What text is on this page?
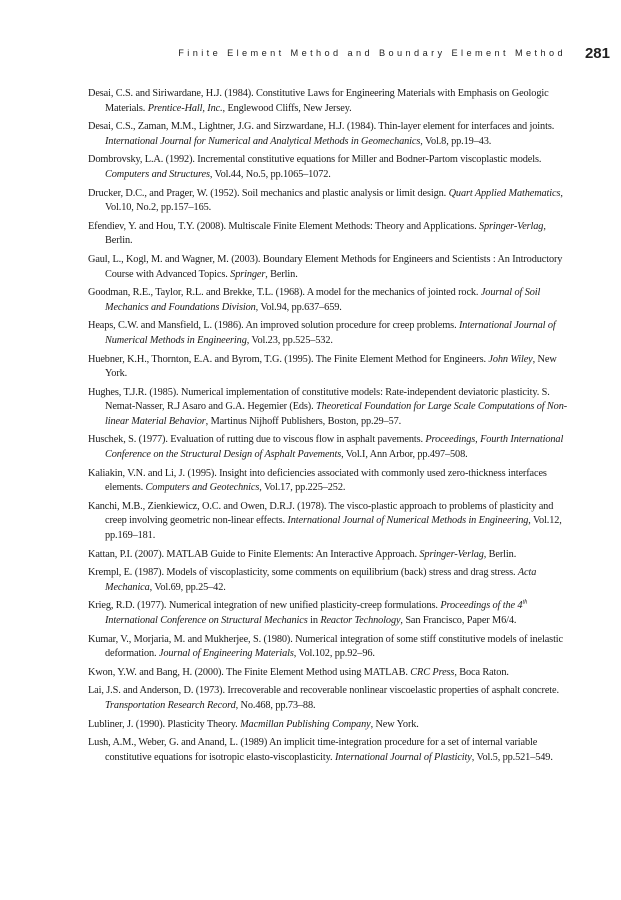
Finite Element Method and Boundary Element Method 281

Desai, C.S. and Siriwardane, H.J. (1984). Constitutive Laws for Engineering Materials with Emphasis on Geologic Materials. Prentice-Hall, Inc., Englewood Cliffs, New Jersey.

Desai, C.S., Zaman, M.M., Lightner, J.G. and Sirzwardane, H.J. (1984). Thin-layer element for interfaces and joints. International Journal for Numerical and Analytical Methods in Geomechanics, Vol.8, pp.19–43.

Dombrovsky, L.A. (1992). Incremental constitutive equations for Miller and Bodner-Partom viscoplastic models. Computers and Structures, Vol.44, No.5, pp.1065–1072.

Drucker, D.C., and Prager, W. (1952). Soil mechanics and plastic analysis or limit design. Quart Applied Mathematics, Vol.10, No.2, pp.157–165.

Efendiev, Y. and Hou, T.Y. (2008). Multiscale Finite Element Methods: Theory and Applications. Springer-Verlag, Berlin.

Gaul, L., Kogl, M. and Wagner, M. (2003). Boundary Element Methods for Engineers and Scientists : An Introductory Course with Advanced Topics. Springer, Berlin.

Goodman, R.E., Taylor, R.L. and Brekke, T.L. (1968). A model for the mechanics of jointed rock. Journal of Soil Mechanics and Foundations Division, Vol.94, pp.637–659.

Heaps, C.W. and Mansfield, L. (1986). An improved solution procedure for creep problems. International Journal of Numerical Methods in Engineering, Vol.23, pp.525–532.

Huebner, K.H., Thornton, E.A. and Byrom, T.G. (1995). The Finite Element Method for Engineers. John Wiley, New York.

Hughes, T.J.R. (1985). Numerical implementation of constitutive models: Rate-independent deviatoric plasticity. S. Nemat-Nasser, R.J Asaro and G.A. Hegemier (Eds). Theoretical Foundation for Large Scale Computations of Non-linear Material Behavior, Martinus Nijhoff Publishers, Boston, pp.29–57.

Huschek, S. (1977). Evaluation of rutting due to viscous flow in asphalt pavements. Proceedings, Fourth International Conference on the Structural Design of Asphalt Pavements, Vol.I, Ann Arbor, pp.497–508.

Kaliakin, V.N. and Li, J. (1995). Insight into deficiencies associated with commonly used zero-thickness interfaces elements. Computers and Geotechnics, Vol.17, pp.225–252.

Kanchi, M.B., Zienkiewicz, O.C. and Owen, D.R.J. (1978). The visco-plastic approach to problems of plasticity and creep involving geometric non-linear effects. International Journal of Numerical Methods in Engineering, Vol.12, pp.169–181.

Kattan, P.I. (2007). MATLAB Guide to Finite Elements: An Interactive Approach. Springer-Verlag, Berlin.

Krempl, E. (1987). Models of viscoplasticity, some comments on equilibrium (back) stress and drag stress. Acta Mechanica, Vol.69, pp.25–42.

Krieg, R.D. (1977). Numerical integration of new unified plasticity-creep formulations. Proceedings of the 4th International Conference on Structural Mechanics in Reactor Technology, San Francisco, Paper M6/4.

Kumar, V., Morjaria, M. and Mukherjee, S. (1980). Numerical integration of some stiff constitutive models of inelastic deformation. Journal of Engineering Materials, Vol.102, pp.92–96.

Kwon, Y.W. and Bang, H. (2000). The Finite Element Method using MATLAB. CRC Press, Boca Raton.

Lai, J.S. and Anderson, D. (1973). Irrecoverable and recoverable nonlinear viscoelastic properties of asphalt concrete. Transportation Research Record, No.468, pp.73–88.

Lubliner, J. (1990). Plasticity Theory. Macmillan Publishing Company, New York.

Lush, A.M., Weber, G. and Anand, L. (1989) An implicit time-integration procedure for a set of internal variable constitutive equations for isotropic elasto-viscoplasticity. International Journal of Plasticity, Vol.5, pp.521–549.
